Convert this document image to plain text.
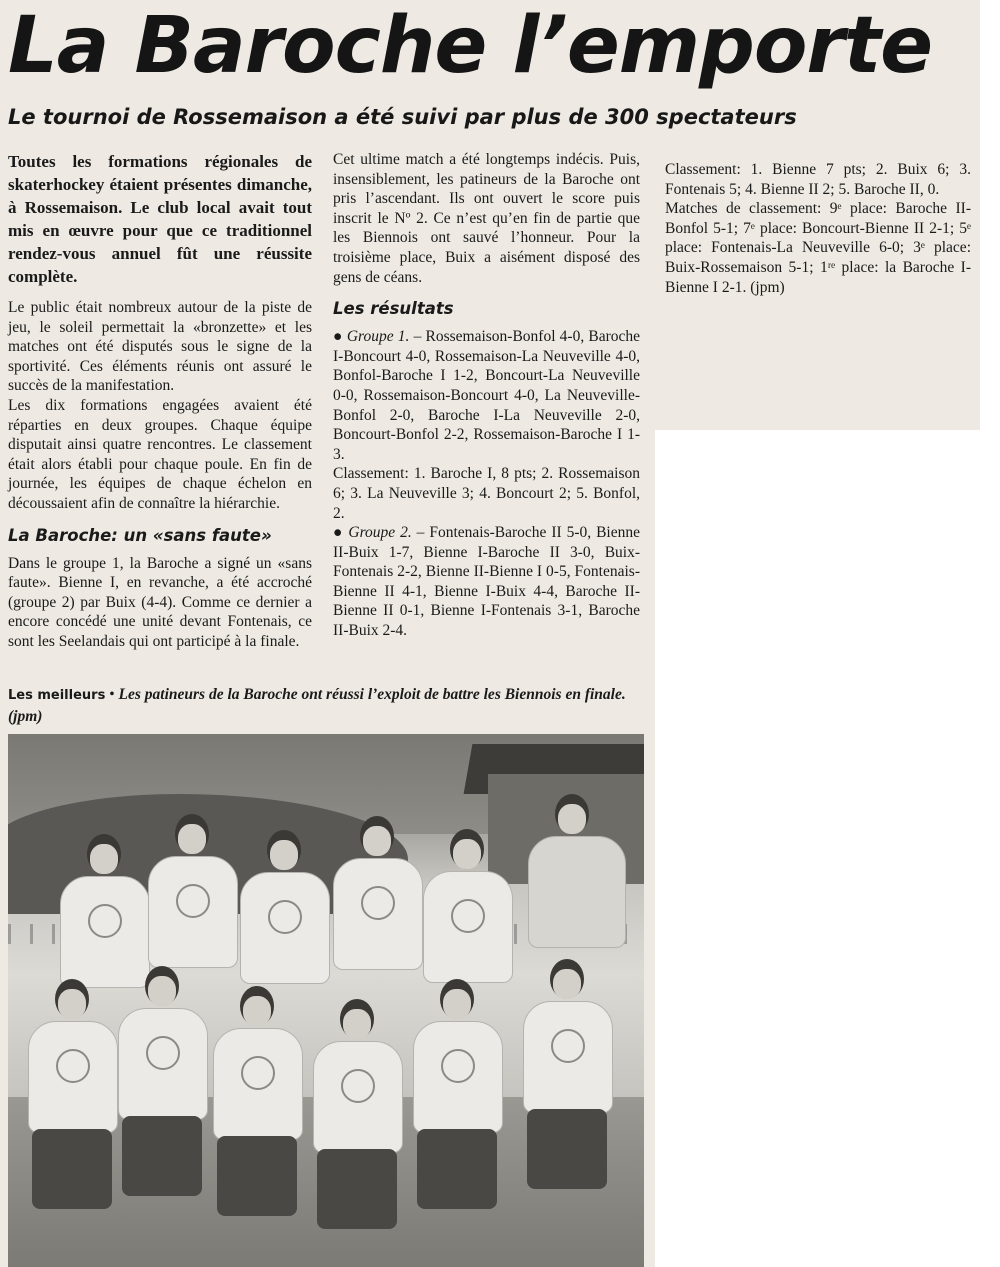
La Baroche l’emporte
Le tournoi de Rossemaison a été suivi par plus de 300 spectateurs

Toutes les formations régionales de skaterhockey étaient présentes dimanche, à Rossemaison. Le club local avait tout mis en œuvre pour que ce traditionnel rendez-vous annuel fût une réussite complète.

Le public était nombreux autour de la piste de jeu, le soleil permettait la «bronzette» et les matches ont été disputés sous le signe de la sportivité. Ces éléments réunis ont assuré le succès de la manifestation.

Les dix formations engagées avaient été réparties en deux groupes. Chaque équipe disputait ainsi quatre rencontres. Le classement était alors établi pour chaque poule. En fin de journée, les équipes de chaque échelon en découssaient afin de connaître la hiérarchie.

La Baroche: un «sans faute»

Dans le groupe 1, la Baroche a signé un «sans faute». Bienne I, en revanche, a été accroché (groupe 2) par Buix (4-4). Comme ce dernier a encore concédé une unité devant Fontenais, ce sont les Seelandais qui ont participé à la finale.

Cet ultime match a été longtemps indécis. Puis, insensiblement, les patineurs de la Baroche ont pris l’ascendant. Ils ont ouvert le score puis inscrit le Nº 2. Ce n’est qu’en fin de partie que les Biennois ont sauvé l’honneur. Pour la troisième place, Buix a aisément disposé des gens de céans.

Les résultats

● Groupe 1. – Rossemaison-Bonfol 4-0, Baroche I-Boncourt 4-0, Rossemaison-La Neuveville 4-0, Bonfol-Baroche I 1-2, Boncourt-La Neuveville 0-0, Rossemaison-Boncourt 4-0, La Neuveville-Bonfol 2-0, Baroche I-La Neuveville 2-0, Boncourt-Bonfol 2-2, Rossemaison-Baroche I 1-3.

Classement: 1. Baroche I, 8 pts; 2. Rossemaison 6; 3. La Neuveville 3; 4. Boncourt 2; 5. Bonfol, 2.

● Groupe 2. – Fontenais-Baroche II 5-0, Bienne II-Buix 1-7, Bienne I-Baroche II 3-0, Buix-Fontenais 2-2, Bienne II-Bienne I 0-5, Fontenais-Bienne II 4-1, Bienne I-Buix 4-4, Baroche II-Bienne II 0-1, Bienne I-Fontenais 3-1, Baroche II-Buix 2-4.

Classement: 1. Bienne 7 pts; 2. Buix 6; 3. Fontenais 5; 4. Bienne II 2; 5. Baroche II, 0.

Matches de classement: 9ᵉ place: Baroche II-Bonfol 5-1; 7ᵉ place: Boncourt-Bienne II 2-1; 5ᵉ place: Fontenais-La Neuveville 6-0; 3ᵉ place: Buix-Rossemaison 5-1; 1ʳᵉ place: la Baroche I-Bienne I 2-1. (jpm)

Les meilleurs • Les patineurs de la Baroche ont réussi l’exploit de battre les Biennois en finale. (jpm)
